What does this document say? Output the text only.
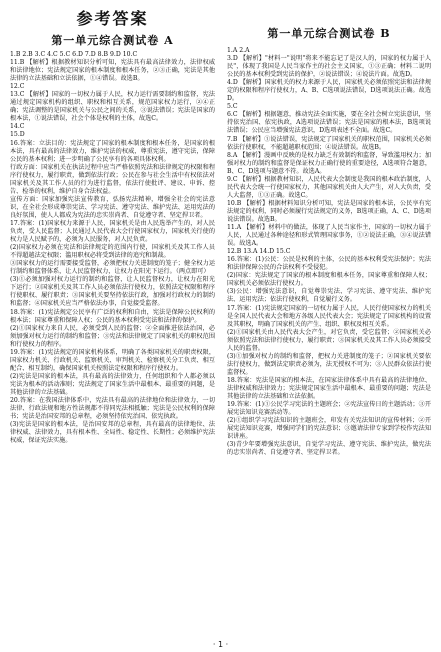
参考答案
第一单元综合测试卷 A

1.B 2.B 3.C 4.C 5.C 6.D 7.D 8.B 9.D 10.C

11.B 【解析】根据教材知识分析可知，宪法具有最高法律效力，法律权威和法律地位；宪法规定国家的根本制度和根本任务，②③正确，宪法是其他法律的立法基础和立法依据，①④错误。故选B。

12.C

13.C 【解析】国家的一切权力属于人民，权力运行需要制约和监督，宪法通过规定国家机构的组织、职权和相互关系，规范国家权力运行，②④正确；宪法调整的是国家机关与公民之间的关系，③说法错误；宪法是国家的根本法，①说法错误，社会个体是权利的主体，故选C。

14.C

15.D

16.答案：立法目的：宪法规定了国家的根本制度和根本任务，是国家的根本法，具有最高的法律效力，维护宪法的权威，尊重宪法，遵守宪法，保障公民的基本权利；进一步明确了公民享有的各项具体权利。

行政方面：国家机关在执法过程中应当严格依照宪法和法律规定的权限和程序行使权力，履行职责，做到依法行政；公民在参与社会生活中有权依法对国家机关及其工作人员的行为进行监督，依法行使批评、建议、申诉、控告、检举的权利，维护自身合法权益。

宣传方面：国家加强宪法宣传教育，弘扬宪法精神，增强全社会的宪法意识，在全社会形成尊崇宪法、学习宪法、遵守宪法、维护宪法、运用宪法的良好氛围，使人人都成为宪法的忠实崇尚者、自觉遵守者、坚定捍卫者。

17.答案：(1)国家权力来源于人民，国家机关是由人民选举产生的，对人民负责，受人民监督；人民通过人民代表大会行使国家权力，国家机关行使的权力是人民赋予的，必须为人民服务，对人民负责。

(2)国家权力必须在宪法和法律规定的范围内行使，国家机关及其工作人员不得超越法定权限；滥用职权必将受到法律的追究和制裁。

③国家权力的运行需要接受监督，必须把权力关进制度的笼子；健全权力运行制约和监督体系，让人民监督权力，让权力在阳光下运行。（两点即可）

(3)①必须加强对权力运行的制约和监督，让人民监督权力，让权力在阳光下运行；②国家机关及其工作人员必须依法行使权力，依照法定权限和程序行使职权、履行职责；③国家机关要坚持依法行政，加强对行政权力的制约和监督；④国家机关应当严格依法办事，自觉接受监督。

18.答案：(1)宪法规定公民享有广泛的权利和自由，宪法是保障公民权利的根本法；国家尊重和保障人权；公民的基本权利受宪法和法律的保护。

(2)①国家权力来自人民，必须受到人民的监督；②全面推进依法治国，必须加强对权力运行的制约和监督；③宪法和法律规定了国家机关的职权范围和行使权力的程序。

19.答案：(1)宪法规定的国家机构体系，明确了各类国家机关的职责权限，国家权力机关、行政机关、监察机关、审判机关、检察机关分工负责、相互配合、相互制约，确保国家机关按照法定权限和程序行使权力。

(2)宪法是国家的根本法，具有最高的法律效力，任何组织和个人都必须以宪法为根本的活动准则；宪法规定了国家生活中最根本、最重要的问题，是其他法律的立法基础。

20.答案：在我国法律体系中，宪法具有最高的法律地位和法律效力，一切法律、行政法规和地方性法规都不得同宪法相抵触；宪法是公民权利的保障书；宪法是治国安邦的总章程，必须坚持依宪治国、依宪执政。

(3)宪法是国家的根本法，是治国安邦的总章程，具有最高的法律地位、法律权威、法律效力，具有根本性、全局性、稳定性、长期性；必须维护宪法权威，保证宪法实施。

第一单元综合测试卷 B

1.A 2.A

3.D 【解析】"材料一"说明"将来不能忘记了是汉人的，国家的权力属于人民"，体现了我国是人民当家作主的社会主义国家，①③正确；材料二说明公民的基本权利受到宪法的保护，②说法错误；④说法片面。故选D。

4.D 【解析】国家机关的权力来源于人民，国家机关必须依照宪法和法律规定的权限和程序行使权力，A、B、C选项说法错误，D选项说法正确。故选D。

5.C

6.C 【解析】根据题意，推动宪法全面实施，要在全社会树立宪法意识，坚持依宪治国、依宪执政，A选项说法错误；宪法是国家的根本法，B选项说法错误；公民应当增强宪法意识，D选项表述不全面。故选C。

7.B 【解析】①说法错误，宪法规定了国家机关的职权范围，国家机关必须依法行使职权，不能超越职权范围；④说法错误。故选B。

8.A 【解析】漫画中反映的是权力缺乏有效制约和监督，导致滥用权力；加强对权力的制约和监督是保证权力正确行使的重要途径，A选项符合题意，B、C、D选项与题意不符。故选A。

9.C 【解析】根据教材知识，人民代表大会制度是我国的根本政治制度，人民代表大会统一行使国家权力，其他国家机关由人大产生，对人大负责，受人大监督，①③正确。故选C。

10.B 【解析】根据材料知识分析可知，宪法是国家的根本法，公民享有宪法规定的权利，同时必须履行宪法规定的义务，B选项正确，A、C、D选项说法错误。故选B。

11.A 【解析】材料中的做法，体现了人民当家作主，国家的一切权力属于人民，人民通过各种途径和形式管理国家事务，①②说法正确，③④说法错误。故选A。

12.B 13.A 14.D 15.C

16.答案：(1)公民：公民是权利的主体，公民的基本权利受宪法保护；宪法和法律保障公民的合法权利不受侵犯。

(2)国家：宪法规定了国家的根本制度和根本任务，国家尊重和保障人权；国家机关必须依法行使权力。

(3)公民：增强宪法意识，自觉尊崇宪法、学习宪法、遵守宪法、维护宪法、运用宪法；依法行使权利，自觉履行义务。

17.答案：(1)宪法规定国家的一切权力属于人民，人民行使国家权力的机关是全国人民代表大会和地方各级人民代表大会；宪法规定了国家机构的设置及其职权，明确了国家机关的产生、组织、职权及相互关系。

(2)①国家机关由人民代表大会产生，对它负责，受它监督；②国家机关必须依照宪法和法律行使权力，履行职责；③国家机关及其工作人员必须接受人民的监督。

(3)①加强对权力的制约和监督，把权力关进制度的笼子；②国家机关要依法行使权力，做到法定职责必须为，法无授权不可为；③人民群众依法行使监督权。

18.答案：宪法是国家的根本法，在国家法律体系中具有最高的法律地位、法律权威和法律效力；宪法规定国家生活中最根本、最重要的问题；宪法是其他法律的立法基础和立法依据。

19.答案：(1)①公民学习宪法的主题班会；②宪法宣传日的主题活动；③开展宪法知识竞赛活动等。

(2)①组织学习宪法知识的主题班会，印发有关宪法知识的宣传材料；②开展宪法知识竞赛，增强同学们的宪法意识；③邀请法律专家到学校作宪法知识讲座。

(3)青少年要增强宪法意识，自觉学习宪法、遵守宪法、维护宪法，做宪法的忠实崇尚者、自觉遵守者、坚定捍卫者。

· 1 ·
